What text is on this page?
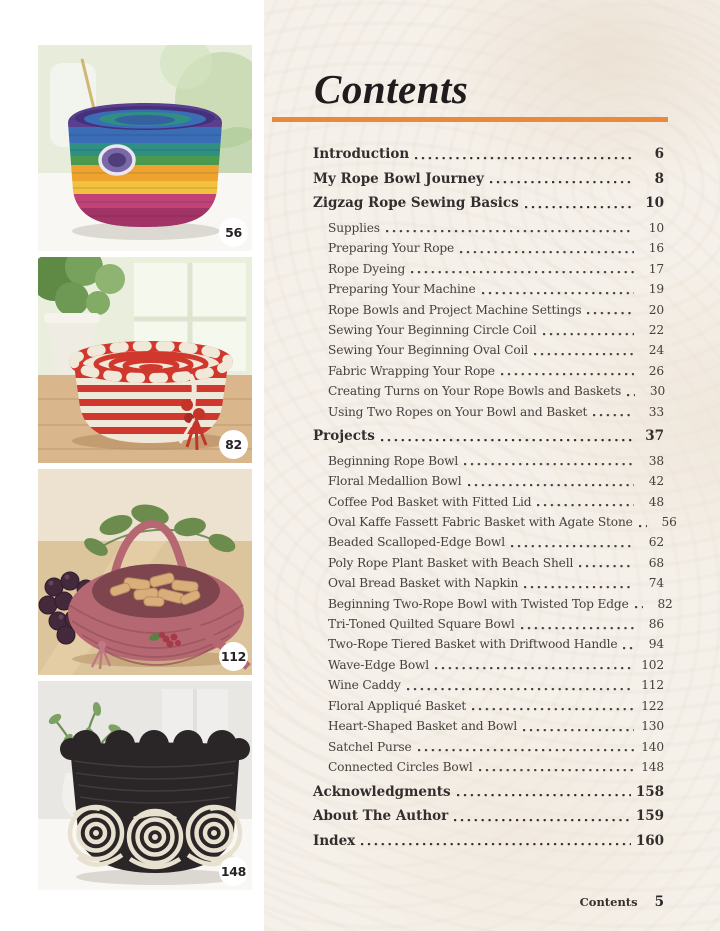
56
82
112
148
Contents
Introduction	6
My Rope Bowl Journey	8
Zigzag Rope Sewing Basics	10
Supplies	10
Preparing Your Rope	16
Rope Dyeing	17
Preparing Your Machine	19
Rope Bowls and Project Machine Settings	20
Sewing Your Beginning Circle Coil	22
Sewing Your Beginning Oval Coil	24
Fabric Wrapping Your Rope	26
Creating Turns on Your Rope Bowls and Baskets	30
Using Two Ropes on Your Bowl and Basket	33
Projects	37
Beginning Rope Bowl	38
Floral Medallion Bowl	42
Coffee Pod Basket with Fitted Lid	48
Oval Kaffe Fassett Fabric Basket with Agate Stone	56
Beaded Scalloped-Edge Bowl	62
Poly Rope Plant Basket with Beach Shell	68
Oval Bread Basket with Napkin	74
Beginning Two-Rope Bowl with Twisted Top Edge	82
Tri-Toned Quilted Square Bowl	86
Two-Rope Tiered Basket with Driftwood Handle	94
Wave-Edge Bowl	102
Wine Caddy	112
Floral Appliqué Basket	122
Heart-Shaped Basket and Bowl	130
Satchel Purse	140
Connected Circles Bowl	148
Acknowledgments	158
About The Author	159
Index	160
Contents 5
